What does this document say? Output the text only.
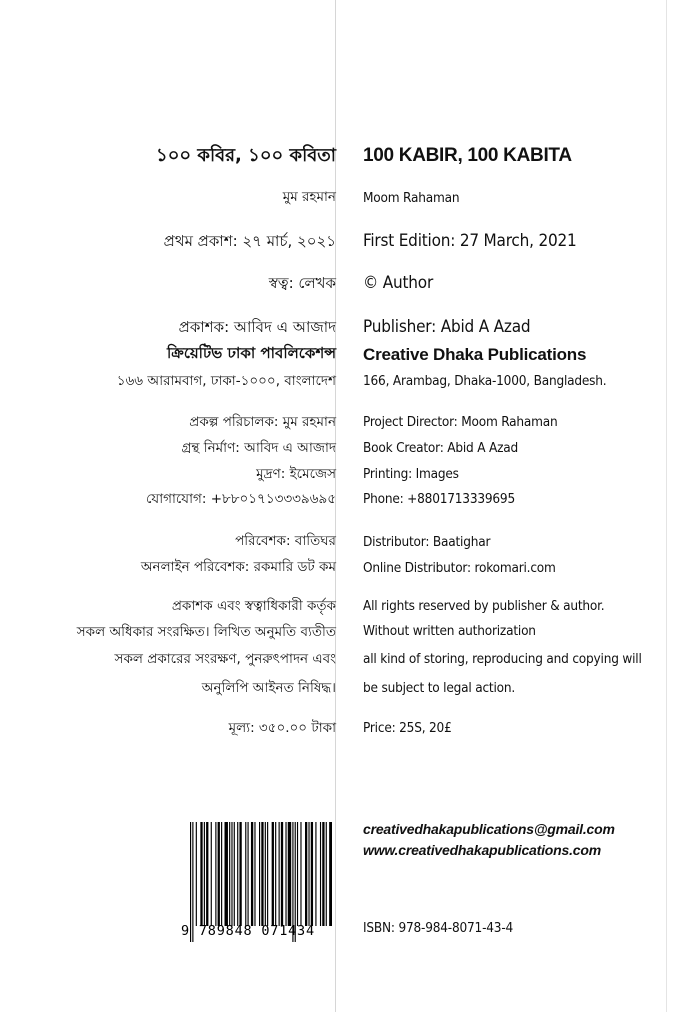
১০০ কবির, ১০০ কবিতা
মুম রহমান
প্রথম প্রকাশ: ২৭ মার্চ, ২০২১
স্বত্ব: লেখক
প্রকাশক: আবিদ এ আজাদ
ক্রিয়েটিভ ঢাকা পাবলিকেশন্স
১৬৬ আরামবাগ, ঢাকা-১০০০, বাংলাদেশ
প্রকল্প পরিচালক: মুম রহমান
গ্রন্থ নির্মাণ: আবিদ এ আজাদ
মুদ্রণ: ইমেজেস
যোগাযোগ: +৮৮০১৭১৩৩৩৯৬৯৫
পরিবেশক: বাতিঘর
অনলাইন পরিবেশক: রকমারি ডট কম
প্রকাশক এবং স্বত্বাধিকারী কর্তৃক
সকল অধিকার সংরক্ষিত। লিখিত অনুমতি ব্যতীত
সকল প্রকারের সংরক্ষণ, পুনরুৎপাদন এবং
অনুলিপি আইনত নিষিদ্ধ।
মূল্য: ৩৫০.০০ টাকা
100 KABIR, 100 KABITA
Moom Rahaman
First Edition: 27 March, 2021
© Author
Publisher: Abid A Azad
Creative Dhaka Publications
166, Arambag, Dhaka-1000, Bangladesh.
Project Director: Moom Rahaman
Book Creator: Abid A Azad
Printing: Images
Phone: +8801713339695
Distributor: Baatighar
Online Distributor: rokomari.com
All rights reserved by publisher & author.
Without written authorization
all kind of storing, reproducing and copying will
be subject to legal action.
Price: 25S, 20£
creativedhakapublications@gmail.com
www.creativedhakapublications.com
ISBN: 978-984-8071-43-4
9 789848 071434
